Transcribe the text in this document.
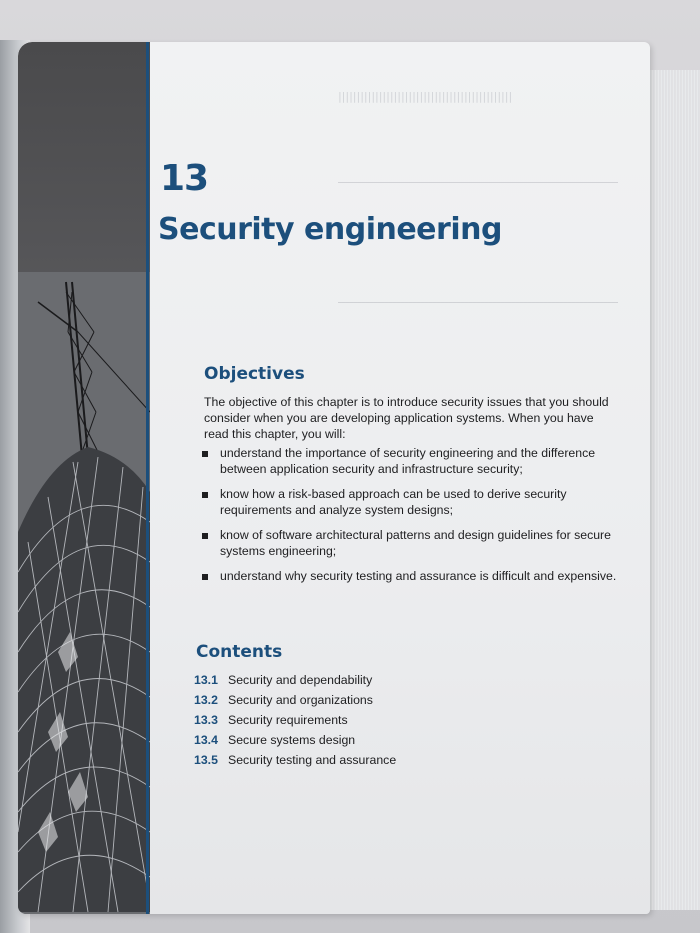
|||||||||||||||||||||||||||||||||||||||||||||||
13
Security engineering
Objectives
The objective of this chapter is to introduce security issues that you should consider when you are developing application systems. When you have read this chapter, you will:
understand the importance of security engineering and the difference between application security and infrastructure security;
know how a risk-based approach can be used to derive security requirements and analyze system designs;
know of software architectural patterns and design guidelines for secure systems engineering;
understand why security testing and assurance is difficult and expensive.
Contents
13.1 Security and dependability
13.2 Security and organizations
13.3 Security requirements
13.4 Secure systems design
13.5 Security testing and assurance
